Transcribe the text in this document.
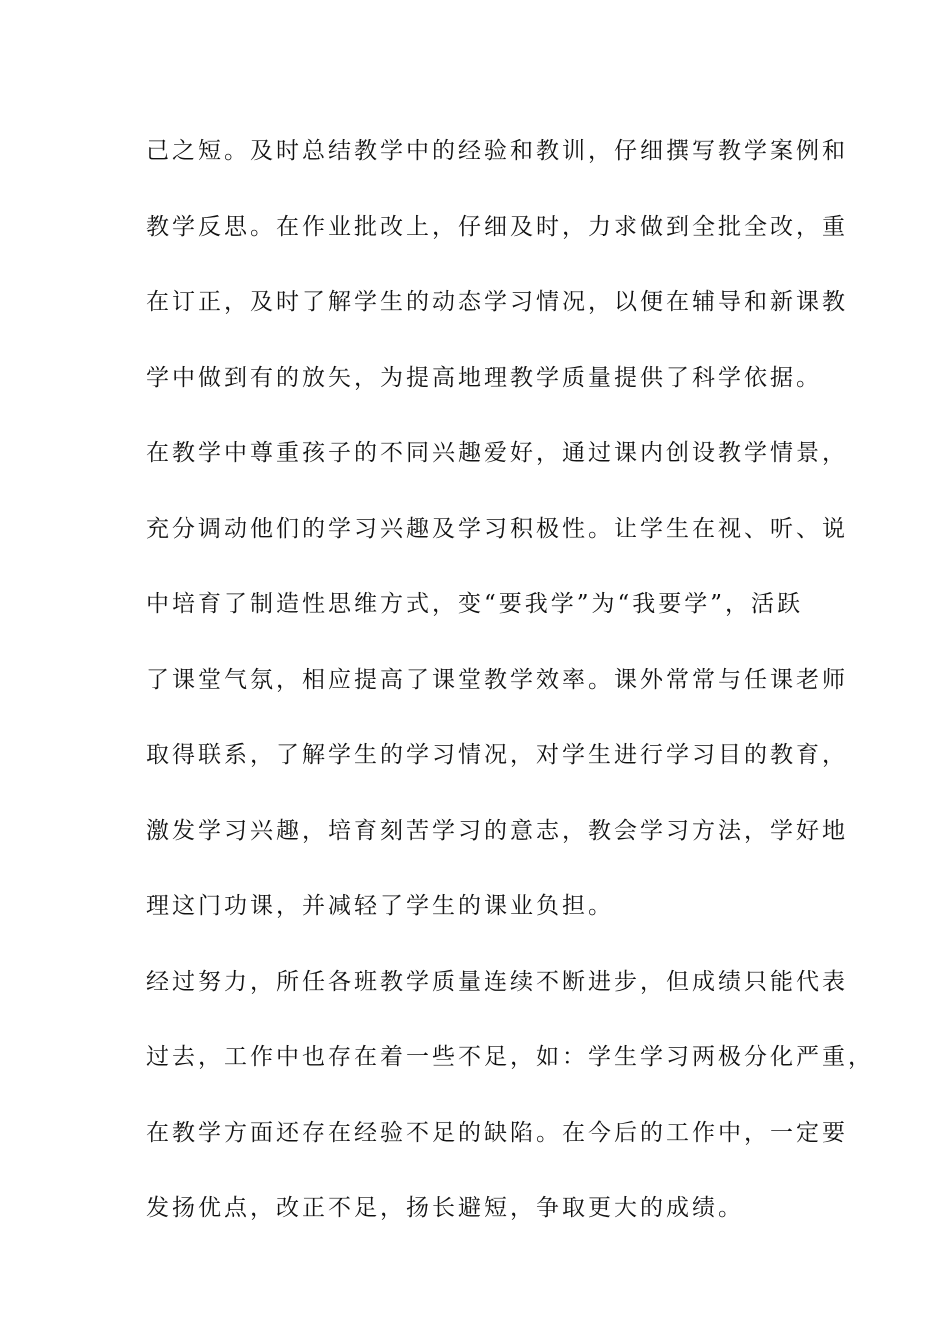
己之短。及时总结教学中的经验和教训，仔细撰写教学案例和
教学反思。在作业批改上，仔细及时，力求做到全批全改，重
在订正，及时了解学生的动态学习情况，以便在辅导和新课教
学中做到有的放矢，为提高地理教学质量提供了科学依据。
在教学中尊重孩子的不同兴趣爱好，通过课内创设教学情景，
充分调动他们的学习兴趣及学习积极性。让学生在视、听、说
中培育了制造性思维方式，变“要我学”为“我要学”，活跃
了课堂气氛，相应提高了课堂教学效率。课外常常与任课老师
取得联系，了解学生的学习情况，对学生进行学习目的教育，
激发学习兴趣，培育刻苦学习的意志，教会学习方法，学好地
理这门功课，并减轻了学生的课业负担。
经过努力，所任各班教学质量连续不断进步，但成绩只能代表
过去，工作中也存在着一些不足，如：学生学习两极分化严重，
在教学方面还存在经验不足的缺陷。在今后的工作中，一定要
发扬优点，改正不足，扬长避短，争取更大的成绩。
